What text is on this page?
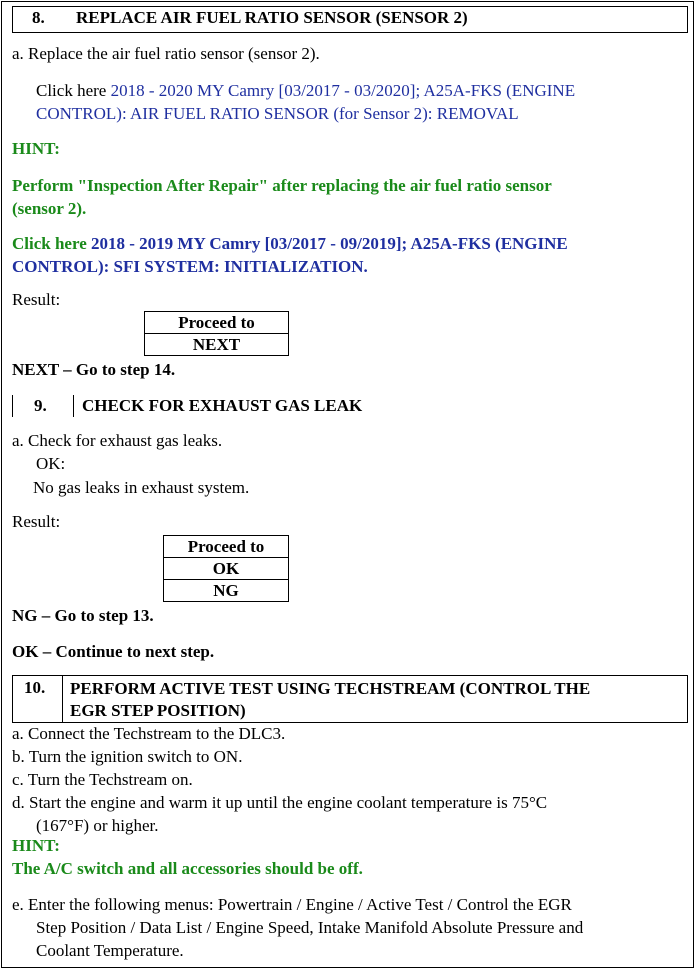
8. REPLACE AIR FUEL RATIO SENSOR (SENSOR 2)
a. Replace the air fuel ratio sensor (sensor 2).
Click here 2018 - 2020 MY Camry [03/2017 - 03/2020]; A25A-FKS (ENGINE
CONTROL): AIR FUEL RATIO SENSOR (for Sensor 2): REMOVAL
HINT:
Perform "Inspection After Repair" after replacing the air fuel ratio sensor
(sensor 2).
Click here 2018 - 2019 MY Camry [03/2017 - 09/2019]; A25A-FKS (ENGINE
CONTROL): SFI SYSTEM: INITIALIZATION.
Result:
Proceed to
NEXT
NEXT – Go to step 14.
9. CHECK FOR EXHAUST GAS LEAK
a. Check for exhaust gas leaks.
OK:
No gas leaks in exhaust system.
Result:
Proceed to
OK
NG
NG – Go to step 13.
OK – Continue to next step.
10. PERFORM ACTIVE TEST USING TECHSTREAM (CONTROL THE
EGR STEP POSITION)
a. Connect the Techstream to the DLC3.
b. Turn the ignition switch to ON.
c. Turn the Techstream on.
d. Start the engine and warm it up until the engine coolant temperature is 75°C
(167°F) or higher.
HINT:
The A/C switch and all accessories should be off.
e. Enter the following menus: Powertrain / Engine / Active Test / Control the EGR
Step Position / Data List / Engine Speed, Intake Manifold Absolute Pressure and
Coolant Temperature.
